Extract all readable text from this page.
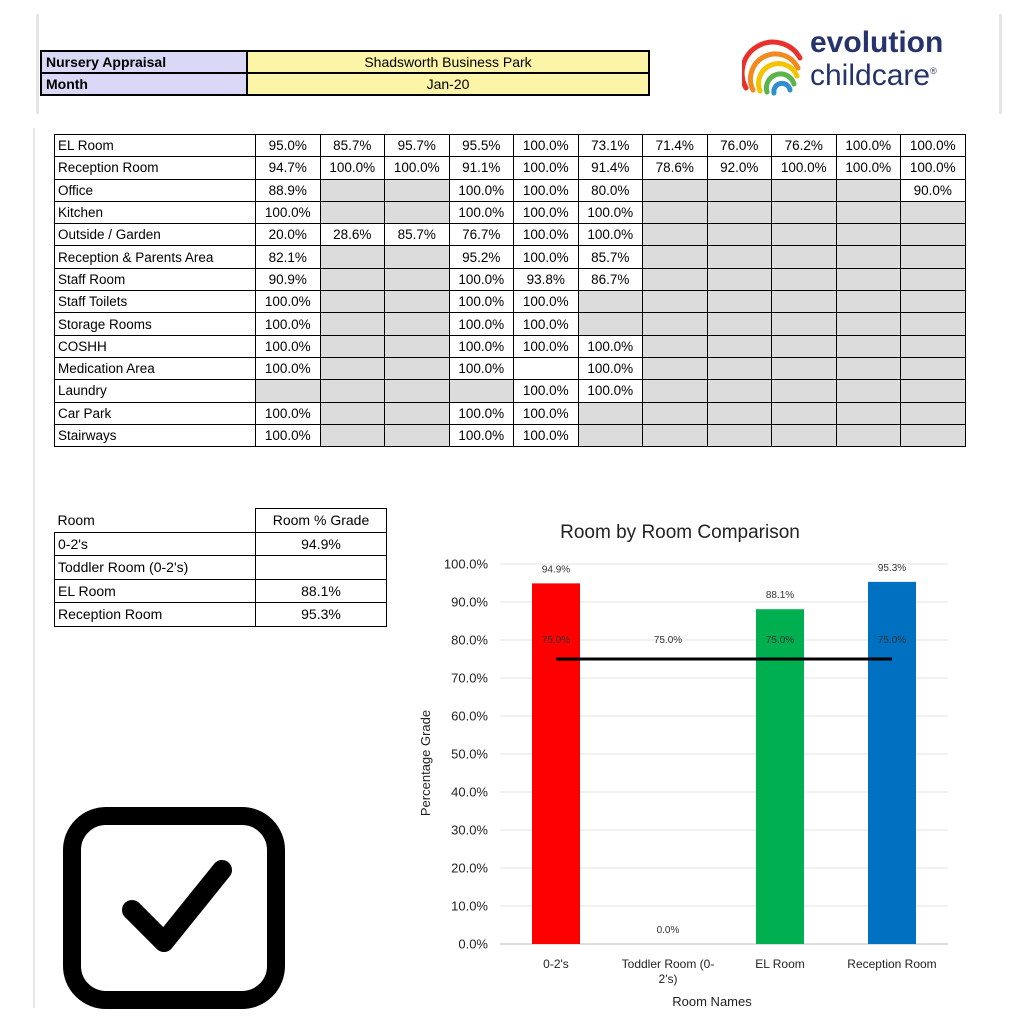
Nursery Appraisal	Shadsworth Business Park
Month	Jan-20
evolution
childcare®
EL Room	95.0%	85.7%	95.7%	95.5%	100.0%	73.1%	71.4%	76.0%	76.2%	100.0%	100.0%
Reception Room	94.7%	100.0%	100.0%	91.1%	100.0%	91.4%	78.6%	92.0%	100.0%	100.0%	100.0%
Office	88.9%			100.0%	100.0%	80.0%					90.0%
Kitchen	100.0%			100.0%	100.0%	100.0%					
Outside / Garden	20.0%	28.6%	85.7%	76.7%	100.0%	100.0%					
Reception & Parents Area	82.1%			95.2%	100.0%	85.7%					
Staff Room	90.9%			100.0%	93.8%	86.7%					
Staff Toilets	100.0%			100.0%	100.0%						
Storage Rooms	100.0%			100.0%	100.0%						
COSHH	100.0%			100.0%	100.0%	100.0%					
Medication Area	100.0%			100.0%		100.0%					
Laundry					100.0%	100.0%					
Car Park	100.0%			100.0%	100.0%						
Stairways	100.0%			100.0%	100.0%						
Room	Room % Grade
0-2's	94.9%
Toddler Room (0-2's)	
EL Room	88.1%
Reception Room	95.3%
Room by Room Comparison
Percentage Grade
Room Names
0.0%
10.0%
20.0%
30.0%
40.0%
50.0%
60.0%
70.0%
80.0%
90.0%
100.0%	94.9%
0.0%
88.1%
95.3%
75.0%	75.0%	75.0%	75.0%
0-2's	Toddler Room (0-
2's)
EL Room	Reception Room
